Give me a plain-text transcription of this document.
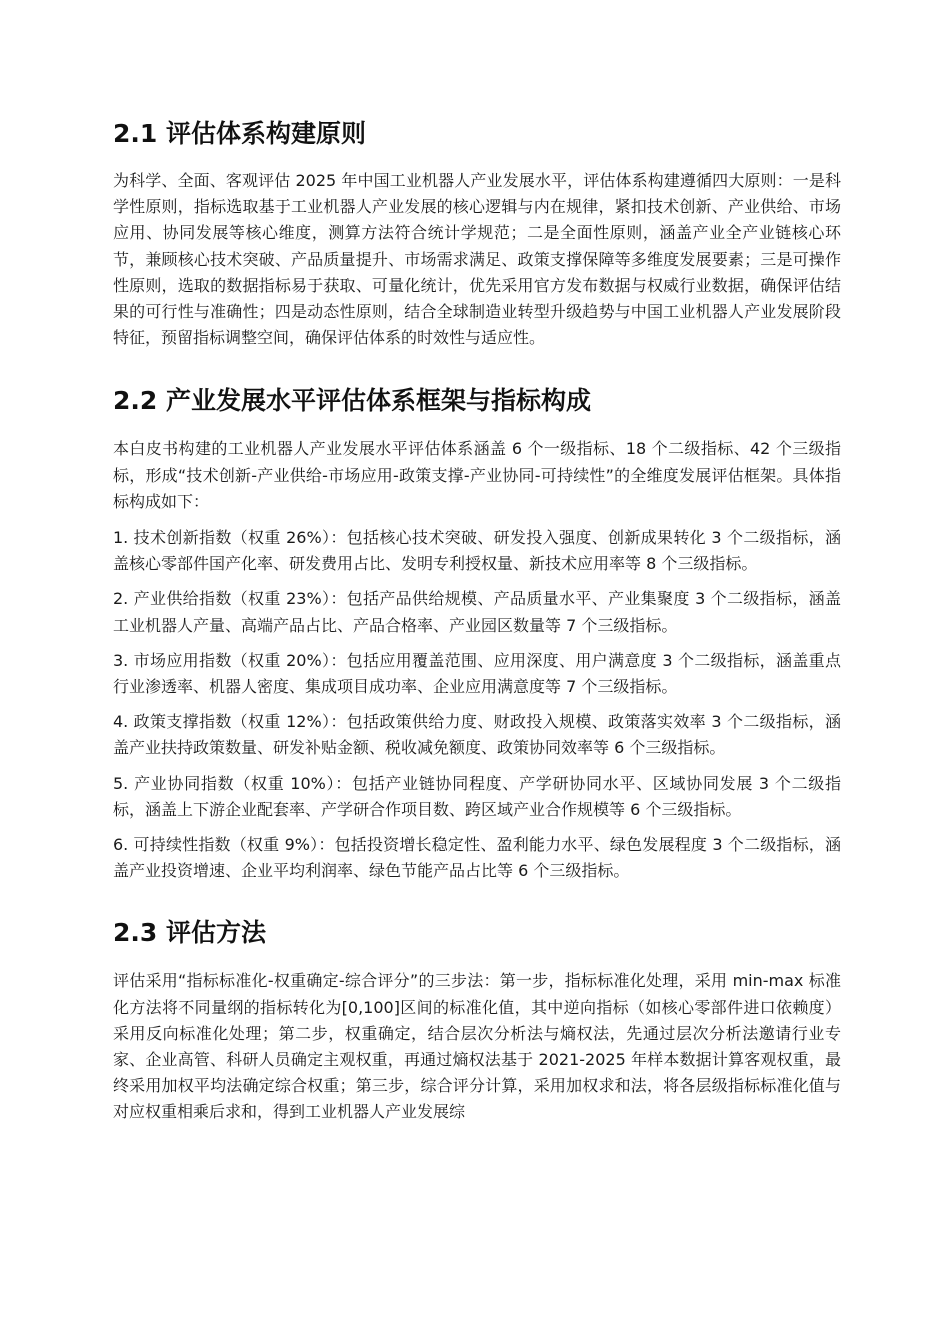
2.1 评估体系构建原则

为科学、全面、客观评估 2025 年中国工业机器人产业发展水平，评估体系构建遵循四大原则：一是科学性原则，指标选取基于工业机器人产业发展的核心逻辑与内在规律，紧扣技术创新、产业供给、市场应用、协同发展等核心维度，测算方法符合统计学规范；二是全面性原则，涵盖产业全产业链核心环节，兼顾核心技术突破、产品质量提升、市场需求满足、政策支撑保障等多维度发展要素；三是可操作性原则，选取的数据指标易于获取、可量化统计，优先采用官方发布数据与权威行业数据，确保评估结果的可行性与准确性；四是动态性原则，结合全球制造业转型升级趋势与中国工业机器人产业发展阶段特征，预留指标调整空间，确保评估体系的时效性与适应性。

2.2 产业发展水平评估体系框架与指标构成

本白皮书构建的工业机器人产业发展水平评估体系涵盖 6 个一级指标、18 个二级指标、42 个三级指标，形成“技术创新-产业供给-市场应用-政策支撑-产业协同-可持续性”的全维度发展评估框架。具体指标构成如下：

1. 技术创新指数（权重 26%）：包括核心技术突破、研发投入强度、创新成果转化 3 个二级指标，涵盖核心零部件国产化率、研发费用占比、发明专利授权量、新技术应用率等 8 个三级指标。

2. 产业供给指数（权重 23%）：包括产品供给规模、产品质量水平、产业集聚度 3 个二级指标，涵盖工业机器人产量、高端产品占比、产品合格率、产业园区数量等 7 个三级指标。

3. 市场应用指数（权重 20%）：包括应用覆盖范围、应用深度、用户满意度 3 个二级指标，涵盖重点行业渗透率、机器人密度、集成项目成功率、企业应用满意度等 7 个三级指标。

4. 政策支撑指数（权重 12%）：包括政策供给力度、财政投入规模、政策落实效率 3 个二级指标，涵盖产业扶持政策数量、研发补贴金额、税收减免额度、政策协同效率等 6 个三级指标。

5. 产业协同指数（权重 10%）：包括产业链协同程度、产学研协同水平、区域协同发展 3 个二级指标，涵盖上下游企业配套率、产学研合作项目数、跨区域产业合作规模等 6 个三级指标。

6. 可持续性指数（权重 9%）：包括投资增长稳定性、盈利能力水平、绿色发展程度 3 个二级指标，涵盖产业投资增速、企业平均利润率、绿色节能产品占比等 6 个三级指标。

2.3 评估方法

评估采用“指标标准化-权重确定-综合评分”的三步法：第一步，指标标准化处理，采用 min-max 标准化方法将不同量纲的指标转化为[0,100]区间的标准化值，其中逆向指标（如核心零部件进口依赖度）采用反向标准化处理；第二步，权重确定，结合层次分析法与熵权法，先通过层次分析法邀请行业专家、企业高管、科研人员确定主观权重，再通过熵权法基于 2021-2025 年样本数据计算客观权重，最终采用加权平均法确定综合权重；第三步，综合评分计算，采用加权求和法，将各层级指标标准化值与对应权重相乘后求和，得到工业机器人产业发展综
